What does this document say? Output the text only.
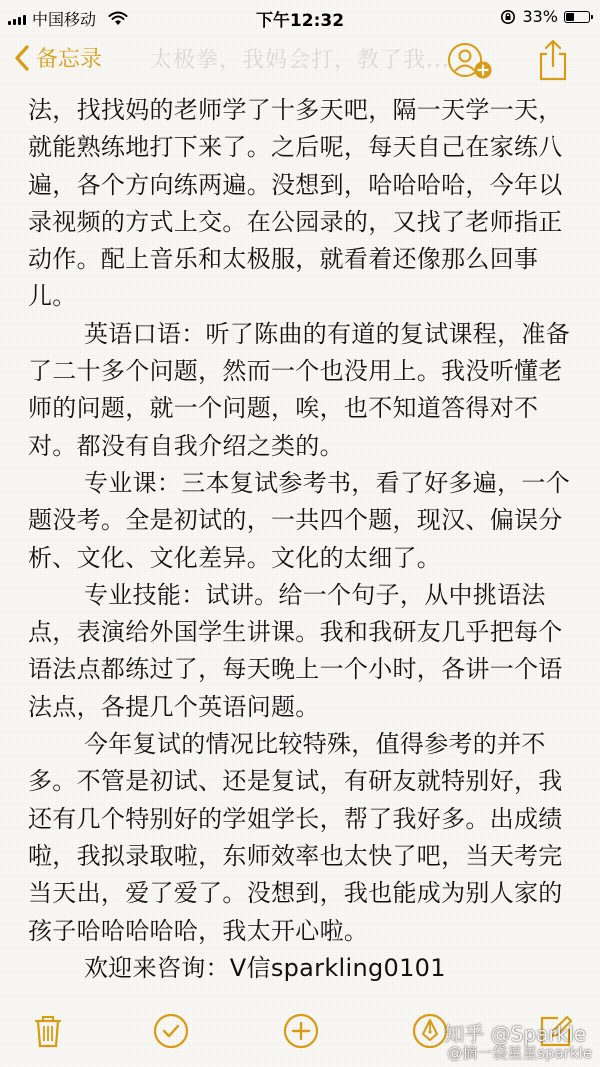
中国移动	下午12:32	33%
备忘录 太极拳，我妈会打，教了我...

法，找找妈的老师学了十多天吧，隔一天学一天，就能熟练地打下来了。之后呢，每天自己在家练八遍，各个方向练两遍。没想到，哈哈哈哈，今年以录视频的方式上交。在公园录的，又找了老师指正动作。配上音乐和太极服，就看着还像那么回事儿。

英语口语：听了陈曲的有道的复试课程，准备了二十多个问题，然而一个也没用上。我没听懂老师的问题，就一个问题，唉，也不知道答得对不对。都没有自我介绍之类的。

专业课：三本复试参考书，看了好多遍，一个题没考。全是初试的，一共四个题，现汉、偏误分析、文化、文化差异。文化的太细了。

专业技能：试讲。给一个句子，从中挑语法点，表演给外国学生讲课。我和我研友几乎把每个语法点都练过了，每天晚上一个小时，各讲一个语法点，各提几个英语问题。

今年复试的情况比较特殊，值得参考的并不多。不管是初试、还是复试，有研友就特别好，我还有几个特别好的学姐学长，帮了我好多。出成绩啦，我拟录取啦，东师效率也太快了吧，当天考完当天出，爱了爱了。没想到，我也能成为别人家的孩子哈哈哈哈哈，我太开心啦。

欢迎来咨询：V信sparkling0101

知乎 @Sparkle
@摘一袋星星sparkle
